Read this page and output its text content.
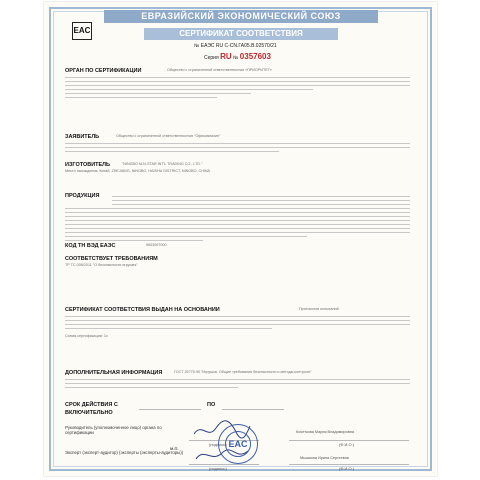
ЕВРАЗИЙСКИЙ ЭКОНОМИЧЕСКИЙ СОЮЗ
EAC	СЕРТИФИКАТ СООТВЕТСТВИЯ
№ ЕАЭС RU C-CN.ГА05.В.02570/21
Серия RU № 0357603
ОРГАН ПО СЕРТИФИКАЦИИ	Общество с ограниченной ответственностью «ПРИОРИТЕТ»
ЗАЯВИТЕЛЬ	Общество с ограниченной ответственностью "Офисмагазин"
ИЗГОТОВИТЕЛЬ	"NINGBO M-N-STAR INT'L TRADING CO., LTD."
Место нахождения: Китай, ZHEJIANG, NINGBO, HAISHU DISTRICT, NINGBO, CHINA
ПРОДУКЦИЯ
КОД ТН ВЭД ЕАЭС	9503007000
СООТВЕТСТВУЕТ ТРЕБОВАНИЯМ
ТР ТС 008/2011 "О безопасности игрушек"
СЕРТИФИКАТ СООТВЕТСТВИЯ ВЫДАН НА ОСНОВАНИИ	Протоколов испытаний
Схема сертификации: 1с
ДОПОЛНИТЕЛЬНАЯ ИНФОРМАЦИЯ	ГОСТ 25779-90 "Игрушки. Общие требования безопасности и методы контроля"
СРОК ДЕЙСТВИЯ С	ПО
ВКЛЮЧИТЕЛЬНО
Руководитель (уполномоченное лицо) органа по сертификации
(подпись)
Кочеткова Мария Владимировна
(Ф.И.О.)
Эксперт (эксперт-аудитор) (эксперты (эксперты-аудиторы))
(подпись)
Мышкина Ирина Сергеевна
(Ф.И.О.)
М.П.	EAC
